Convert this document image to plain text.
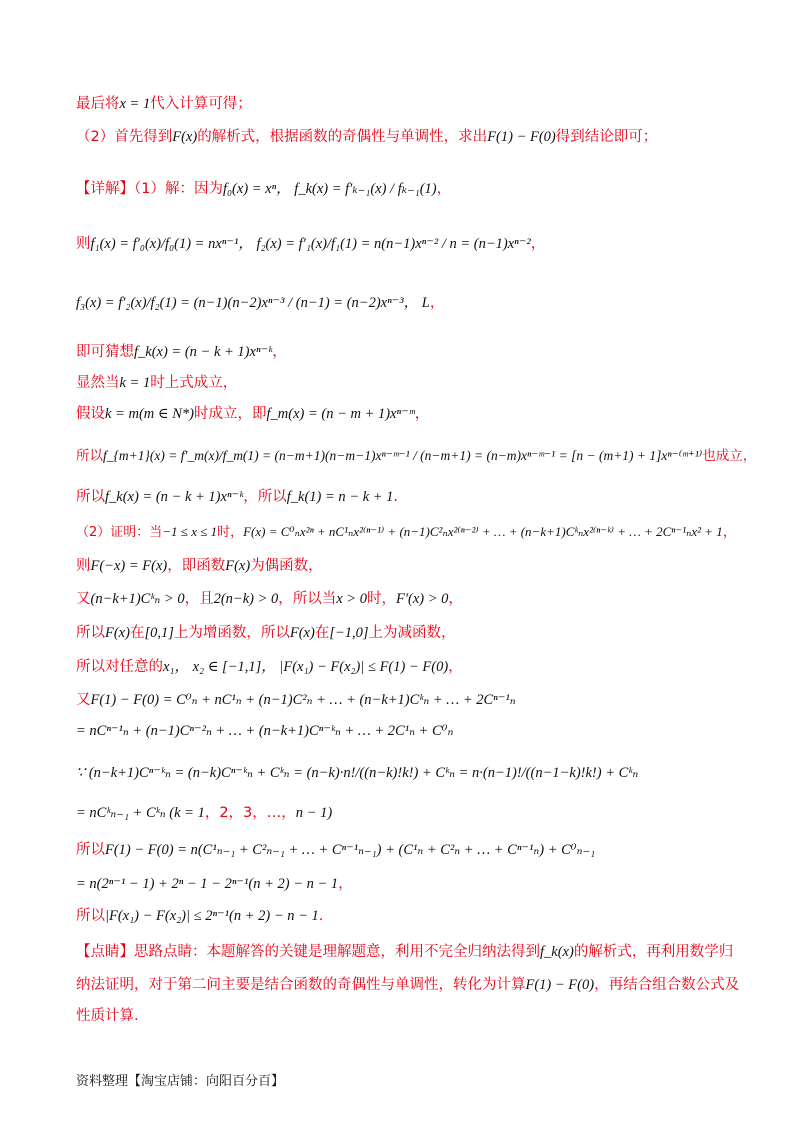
最后将x = 1代入计算可得；
（2）首先得到F(x)的解析式，根据函数的奇偶性与单调性，求出F(1) − F(0)得到结论即可；
【详解】（1）解：因为f₀(x) = xⁿ， f_k(x) = f′ₖ₋₁(x) / fₖ₋₁(1)，
则f₁(x) = f′₀(x)/f₀(1) = nxⁿ⁻¹， f₂(x) = f′₁(x)/f₁(1) = n(n−1)xⁿ⁻² / n = (n−1)xⁿ⁻²，
f₃(x) = f′₂(x)/f₂(1) = (n−1)(n−2)xⁿ⁻³ / (n−1) = (n−2)xⁿ⁻³， L，
即可猜想f_k(x) = (n − k + 1)xⁿ⁻ᵏ，
显然当k = 1时上式成立，
假设k = m(m ∈ N*)时成立，即f_m(x) = (n − m + 1)xⁿ⁻ᵐ，
所以f_{m+1}(x) = f′_m(x)/f_m(1) = (n−m+1)(n−m−1)xⁿ⁻ᵐ⁻¹ / (n−m+1) = (n−m)xⁿ⁻ᵐ⁻¹ = [n − (m+1) + 1]xⁿ⁻⁽ᵐ⁺¹⁾也成立，
所以f_k(x) = (n − k + 1)xⁿ⁻ᵏ，所以f_k(1) = n − k + 1.
（2）证明：当−1 ≤ x ≤ 1时，F(x) = C⁰ₙx²ⁿ + nC¹ₙx²⁽ⁿ⁻¹⁾ + (n−1)C²ₙx²⁽ⁿ⁻²⁾ + … + (n−k+1)Cᵏₙx²⁽ⁿ⁻ᵏ⁾ + … + 2Cⁿ⁻¹ₙx² + 1，
则F(−x) = F(x)，即函数F(x)为偶函数，
又(n−k+1)Cᵏₙ > 0，且2(n−k) > 0，所以当x > 0时，F′(x) > 0，
所以F(x)在[0,1]上为增函数，所以F(x)在[−1,0]上为减函数，
所以对任意的x₁， x₂ ∈ [−1,1]， |F(x₁) − F(x₂)| ≤ F(1) − F(0)，
又F(1) − F(0) = C⁰ₙ + nC¹ₙ + (n−1)C²ₙ + … + (n−k+1)Cᵏₙ + … + 2Cⁿ⁻¹ₙ
= nCⁿ⁻¹ₙ + (n−1)Cⁿ⁻²ₙ + … + (n−k+1)Cⁿ⁻ᵏₙ + … + 2C¹ₙ + C⁰ₙ
∵ (n−k+1)Cⁿ⁻ᵏₙ = (n−k)Cⁿ⁻ᵏₙ + Cᵏₙ = (n−k)·n!/((n−k)!k!) + Cᵏₙ = n·(n−1)!/((n−1−k)!k!) + Cᵏₙ
= nCᵏₙ₋₁ + Cᵏₙ (k = 1，2，3，…，n − 1)
所以F(1) − F(0) = n(C¹ₙ₋₁ + C²ₙ₋₁ + … + Cⁿ⁻¹ₙ₋₁) + (C¹ₙ + C²ₙ + … + Cⁿ⁻¹ₙ) + C⁰ₙ₋₁
= n(2ⁿ⁻¹ − 1) + 2ⁿ − 1 − 2ⁿ⁻¹(n + 2) − n − 1，
所以|F(x₁) − F(x₂)| ≤ 2ⁿ⁻¹(n + 2) − n − 1.
【点睛】思路点睛：本题解答的关键是理解题意，利用不完全归纳法得到f_k(x)的解析式，再利用数学归
纳法证明，对于第二问主要是结合函数的奇偶性与单调性，转化为计算F(1) − F(0)，再结合组合数公式及
性质计算.
资料整理【淘宝店铺：向阳百分百】
